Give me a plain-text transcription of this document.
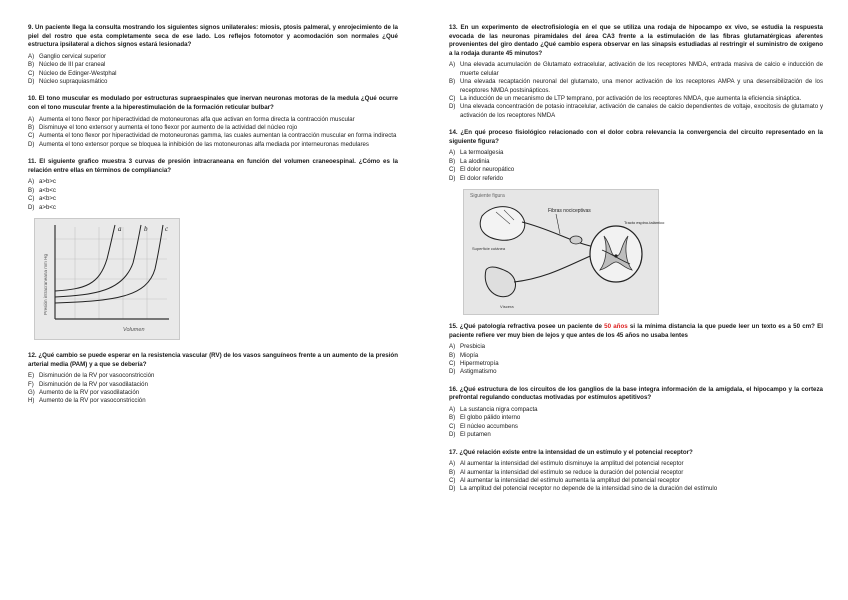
9. Un paciente llega la consulta mostrando los siguientes signos unilaterales: miosis, ptosis palmeral, y enrojecimiento de la piel del rostro que esta completamente seca de ese lado. Los reflejos fotomotor y acomodación son normales ¿Qué estructura ipsilateral a dichos signos estará lesionada?

A) Ganglio cervical superior
B) Núcleo de III par craneal
C) Núcleo de Edinger-Westphal
D) Núcleo supraquiasmático

10. El tono muscular es modulado por estructuras supraespinales que inervan neuronas motoras de la medula ¿Qué ocurre con el tono muscular frente a la hiperestimulación de la formación reticular bulbar?

A) Aumenta el tono flexor por hiperactividad de motoneuronas alfa que activan en forma directa la contracción muscular
B) Disminuye el tono extensor y aumenta el tono flexor por aumento de la actividad del núcleo rojo
C) Aumenta el tono flexor por hiperactividad de motoneuronas gamma, las cuales aumentan la contracción muscular en forma indirecta
D) Aumenta el tono extensor porque se bloquea la inhibición de las motoneuronas alfa mediada por interneuronas medulares

11. El siguiente grafico muestra 3 curvas de presión intracraneana en función del volumen craneoespinal. ¿Cómo es la relación entre ellas en términos de compliancia?

A) a>b>c
B) a<b<c
C) a<b>c
D) a>b<c
a	b	c
Presión intracraneana mm Hg
Volumen

12. ¿Qué cambio se puede esperar en la resistencia vascular (RV) de los vasos sanguíneos frente a un aumento de la presión arterial media (PAM) y a que se debería?

E) Disminución de la RV por vasoconstricción
F) Disminución de la RV por vasodilatación
G) Aumento de la RV por vasodilatación
H) Aumento de la RV por vasoconstricción

13. En un experimento de electrofisiología en el que se utiliza una rodaja de hipocampo ex vivo, se estudia la respuesta evocada de las neuronas piramidales del área CA3 frente a la estimulación de las fibras glutamatérgicas aferentes provenientes del giro dentado ¿Qué cambio espera observar en las sinapsis estudiadas al restringir el suministro de oxígeno a la rodaja durante 45 minutos?

A) Una elevada acumulación de Glutamato extracelular, activación de los receptores NMDA, entrada masiva de calcio e inducción de muerte celular
B) Una elevada recaptación neuronal del glutamato, una menor activación de los receptores AMPA y una desensibilización de los receptores NMDA postsinápticos.
C) La inducción de un mecanismo de LTP temprano, por activación de los receptores NMDA, que aumenta la eficiencia sináptica.
D) Una elevada concentración de potasio intracelular, activación de canales de calcio dependientes de voltaje, exocitosis de glutamato y activación de los receptores NMDA

14. ¿En qué proceso fisiológico relacionado con el dolor cobra relevancia la convergencia del circuito representado en la siguiente figura?

A) La termoalgesia
B) La alodinia
C) El dolor neuropático
D) El dolor referido
Siguiente figura
Superficie cutánea
Víscera
Fibras nociceptivas
Tracto espino-talámico

15. ¿Qué patología refractiva posee un paciente de 50 años si la mínima distancia la que puede leer un texto es a 50 cm? El paciente refiere ver muy bien de lejos y que antes de los 45 años no usaba lentes

A) Presbicia
B) Miopía
C) Hipermetropía
D) Astigmatismo

16. ¿Qué estructura de los circuitos de los ganglios de la base integra información de la amígdala, el hipocampo y la corteza prefrontal regulando conductas motivadas por estímulos apetitivos?

A) La sustancia nigra compacta
B) El globo pálido interno
C) El núcleo accumbens
D) El putamen

17. ¿Qué relación existe entre la intensidad de un estímulo y el potencial receptor?

A) Al aumentar la intensidad del estímulo disminuye la amplitud del potencial receptor
B) Al aumentar la intensidad del estímulo se reduce la duración del potencial receptor
C) Al aumentar la intensidad del estímulo aumenta la amplitud del potencial receptor
D) La amplitud del potencial receptor no depende de la intensidad sino de la duración del estímulo
